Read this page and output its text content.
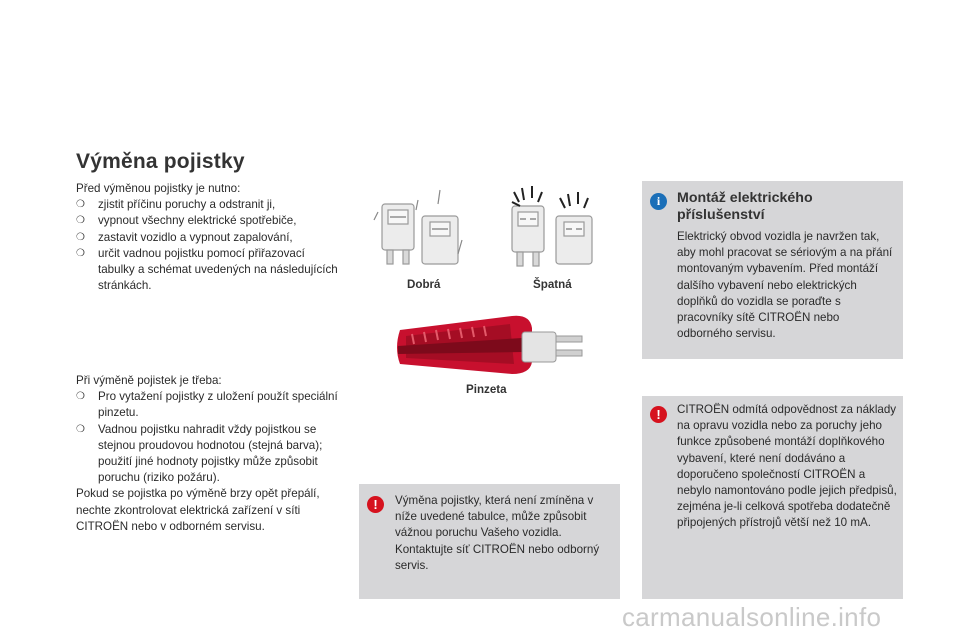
Výměna pojistky
Před výměnou pojistky je nutno:
❍	zjistit příčinu poruchy a odstranit ji,
❍	vypnout všechny elektrické spotřebiče,
❍	zastavit vozidlo a vypnout zapalování,
❍	určit vadnou pojistku pomocí přiřazovací tabulky a schémat uvedených na následujících stránkách.
Při výměně pojistek je třeba:
❍	Pro vytažení pojistky z uložení použít speciální pinzetu.
❍	Vadnou pojistku nahradit vždy pojistkou se stejnou proudovou hodnotou (stejná barva); použití jiné hodnoty pojistky může způsobit poruchu (riziko požáru).
Pokud se pojistka po výměně brzy opět přepálí, nechte zkontrolovat elektrická zařízení v síti CITROËN nebo v odborném servisu.
Dobrá	Špatná
Pinzeta
!	Výměna pojistky, která není zmíněna v níže uvedené tabulce, může způsobit vážnou poruchu Vašeho vozidla. Kontaktujte síť CITROËN nebo odborný servis.
i	Montáž elektrického příslušenství
Elektrický obvod vozidla je navržen tak, aby mohl pracovat se sériovým a na přání montovaným vybavením. Před montáží dalšího vybavení nebo elektrických doplňků do vozidla se poraďte s pracovníky sítě CITROËN nebo odborného servisu.
!	CITROËN odmítá odpovědnost za náklady na opravu vozidla nebo za poruchy jeho funkce způsobené montáží doplňkového vybavení, které není dodáváno a doporučeno společností CITROËN a nebylo namontováno podle jejich předpisů, zejména je-li celková spotřeba dodatečně připojených přístrojů větší než 10 mA.
carmanualsonline.info
